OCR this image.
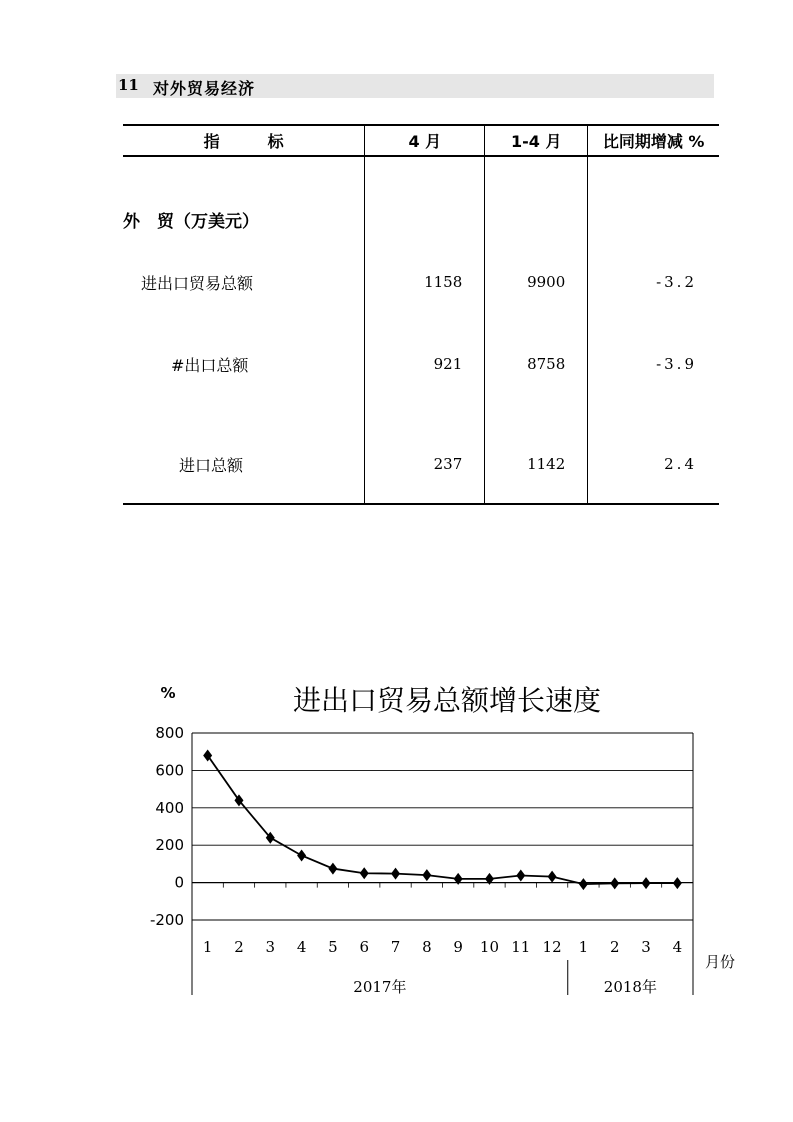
11 对外贸易经济
指　　　标	4 月	1-4 月	比同期增减 %

外　贸（万美元）			
进出口贸易总额	1158	9900	-3.2
#出口总额	921	8758	-3.9
进口总额	237	1142	2.4
进出口贸易总额增长速度
%
800
600
400
200
0
-200
1 2 3 4 5 6 7 8 9 10 11 12 1 2 3 4
2017年	2018年
月份
